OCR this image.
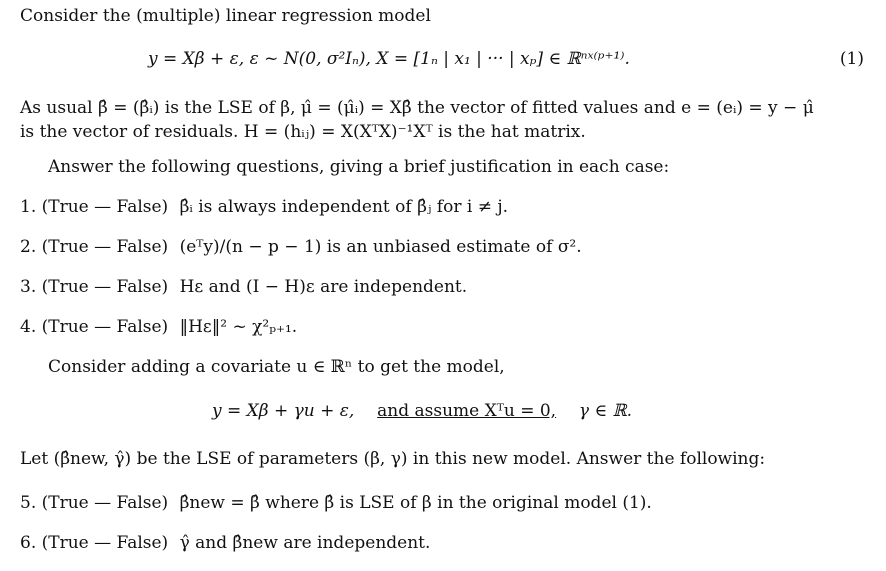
Consider the (multiple) linear regression model
y = Xβ + ε, ε ~ N(0, σ²Iₙ), X = [1ₙ | x₁ | ··· | xₚ] ∈ ℝⁿˣ⁽ᵖ⁺¹⁾.	(1)
As usual β̂ = (β̂ᵢ) is the LSE of β, μ̂ = (μ̂ᵢ) = Xβ̂ the vector of fitted values and e = (eᵢ) = y − μ̂
is the vector of residuals. H = (hᵢⱼ) = X(XᵀX)⁻¹Xᵀ is the hat matrix.
Answer the following questions, giving a brief justification in each case:
1. (True — False) β̂ᵢ is always independent of β̂ⱼ for i ≠ j.
2. (True — False) (eᵀy)/(n − p − 1) is an unbiased estimate of σ².
3. (True — False) Hε and (I − H)ε are independent.
4. (True — False) ‖Hε‖² ~ χ²ₚ₊₁.
Consider adding a covariate u ∈ ℝⁿ to get the model,
y = Xβ + γu + ε, and assume Xᵀu = 0, γ ∈ ℝ.
Let (β̂new, γ̂) be the LSE of parameters (β, γ) in this new model. Answer the following:
5. (True — False) β̂new = β̂ where β̂ is LSE of β in the original model (1).
6. (True — False) γ̂ and β̂new are independent.
